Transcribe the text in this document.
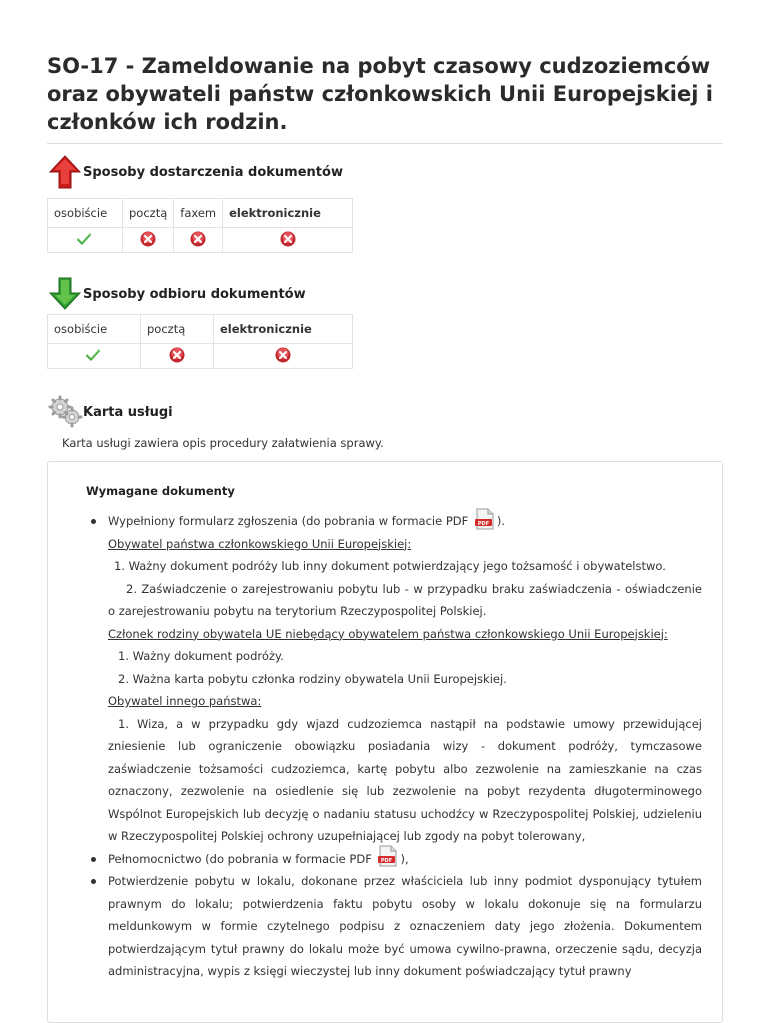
SO-17 - Zameldowanie na pobyt czasowy cudzoziemców oraz obywateli państw członkowskich Unii Europejskiej i członków ich rodzin.
Sposoby dostarczenia dokumentów
osobiście	pocztą	faxem	elektronicznie

Sposoby odbioru dokumentów
osobiście	pocztą	elektronicznie

Karta usługi
Karta usługi zawiera opis procedury załatwienia sprawy.
Wymagane dokumenty

Wypełniony formularz zgłoszenia (do pobrania w formacie PDF PDF ).

Obywatel państwa członkowskiego Unii Europejskiej:

1. Ważny dokument podróży lub inny dokument potwierdzający jego tożsamość i obywatelstwo.

2. Zaświadczenie o zarejestrowaniu pobytu lub - w przypadku braku zaświadczenia - oświadczenie o zarejestrowaniu pobytu na terytorium Rzeczypospolitej Polskiej.

Członek rodziny obywatela UE niebędący obywatelem państwa członkowskiego Unii Europejskiej:

1. Ważny dokument podróży.

2. Ważna karta pobytu członka rodziny obywatela Unii Europejskiej.

Obywatel innego państwa:

1. Wiza, a w przypadku gdy wjazd cudzoziemca nastąpił na podstawie umowy przewidującej zniesienie lub ograniczenie obowiązku posiadania wizy - dokument podróży, tymczasowe zaświadczenie tożsamości cudzoziemca, kartę pobytu albo zezwolenie na zamieszkanie na czas oznaczony, zezwolenie na osiedlenie się lub zezwolenie na pobyt rezydenta długoterminowego Wspólnot Europejskich lub decyzję o nadaniu statusu uchodźcy w Rzeczypospolitej Polskiej, udzieleniu w Rzeczypospolitej Polskiej ochrony uzupełniającej lub zgody na pobyt tolerowany,

Pełnomocnictwo (do pobrania w formacie PDF PDF ),

Potwierdzenie pobytu w lokalu, dokonane przez właściciela lub inny podmiot dysponujący tytułem prawnym do lokalu; potwierdzenia faktu pobytu osoby w lokalu dokonuje się na formularzu meldunkowym w formie czytelnego podpisu z oznaczeniem daty jego złożenia. Dokumentem potwierdzającym tytuł prawny do lokalu może być umowa cywilno-prawna, orzeczenie sądu, decyzja administracyjna, wypis z księgi wieczystej lub inny dokument poświadczający tytuł prawny
